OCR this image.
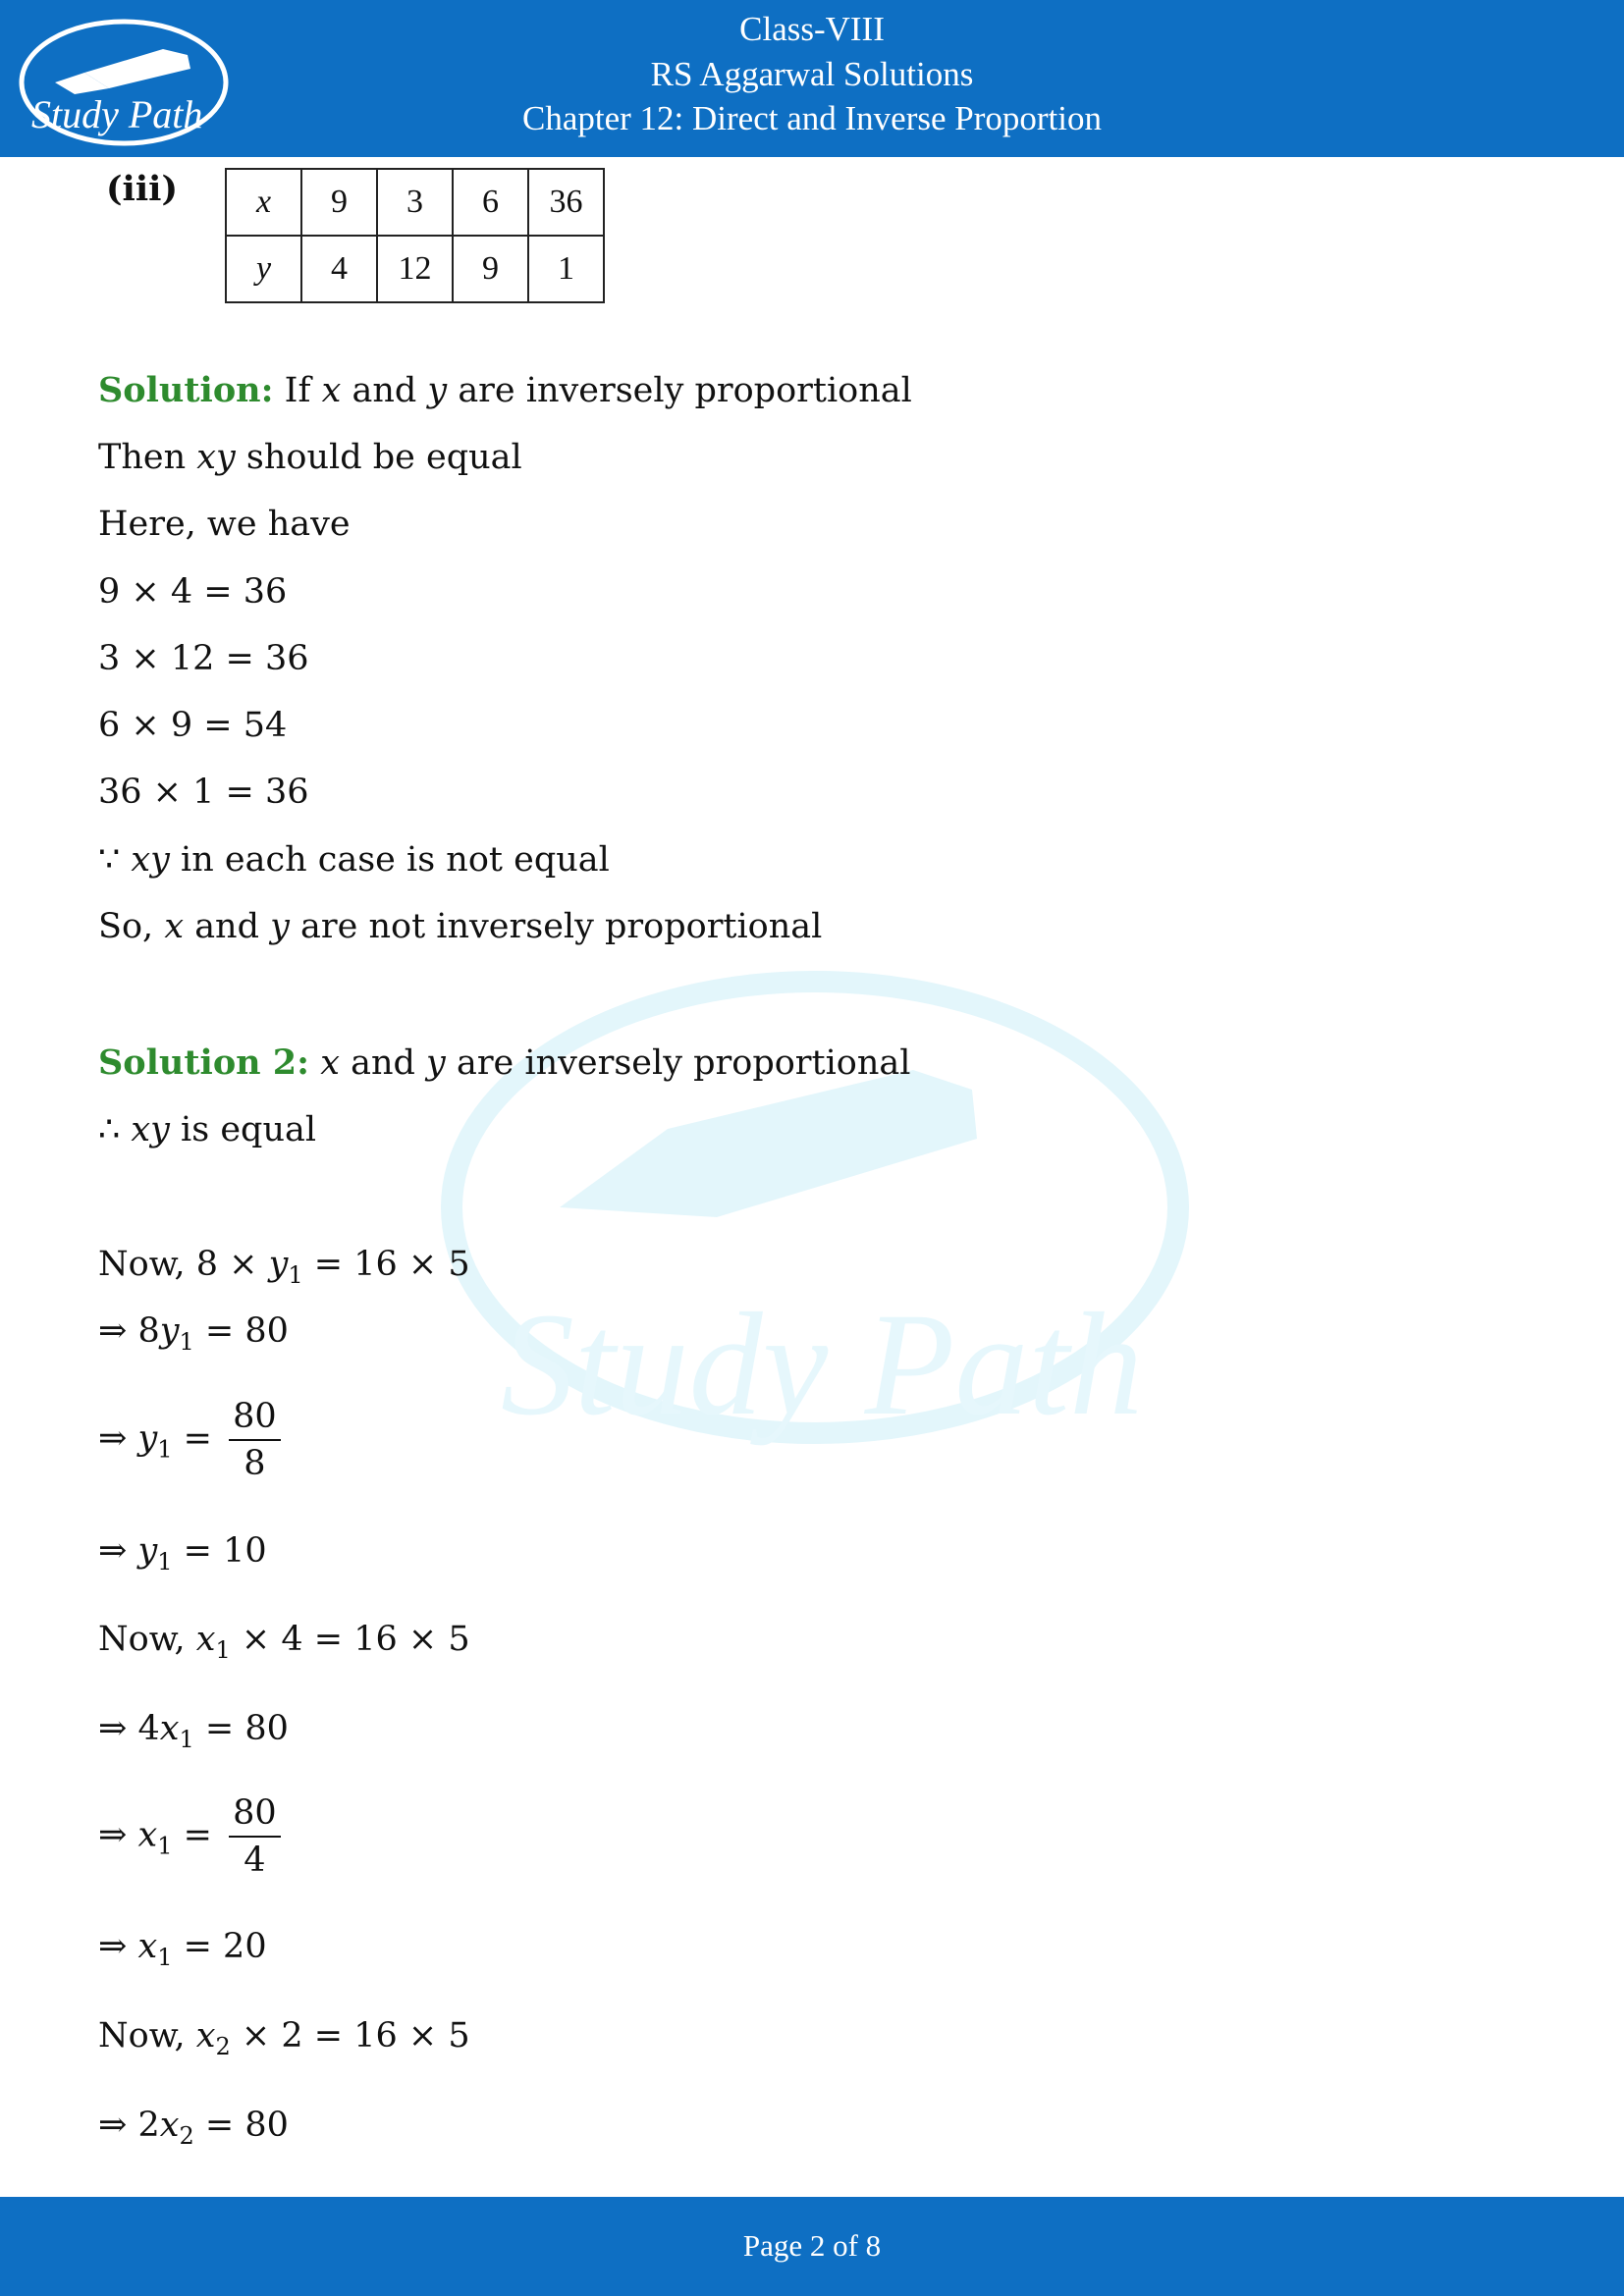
Study Path
Class-VIII
RS Aggarwal Solutions
Chapter 12: Direct and Inverse Proportion
Study Path
(iii) x	9	3	6	36
y	4	12	9	1
Solution: If x and y are inversely proportional
Then xy should be equal
Here, we have
9 × 4 = 36
3 × 12 = 36
6 × 9 = 54
36 × 1 = 36
∵ xy in each case is not equal
So, x and y are not inversely proportional
Solution 2: x and y are inversely proportional
∴ xy is equal
Now, $8 \times y_1 = 16 \times 5$
⇒ $8y_1 = 80$
⇒ $y_1 = \frac{80}{8}$
⇒ $y_1 = 10$
Now, $x_1 \times 4 = 16 \times 5$
⇒ $4x_1 = 80$
⇒ $x_1 = \frac{80}{4}$
⇒ $x_1 = 20$
Now, $x_2 \times 2 = 16 \times 5$
⇒ $2x_2 = 80$
Page 2 of 8
